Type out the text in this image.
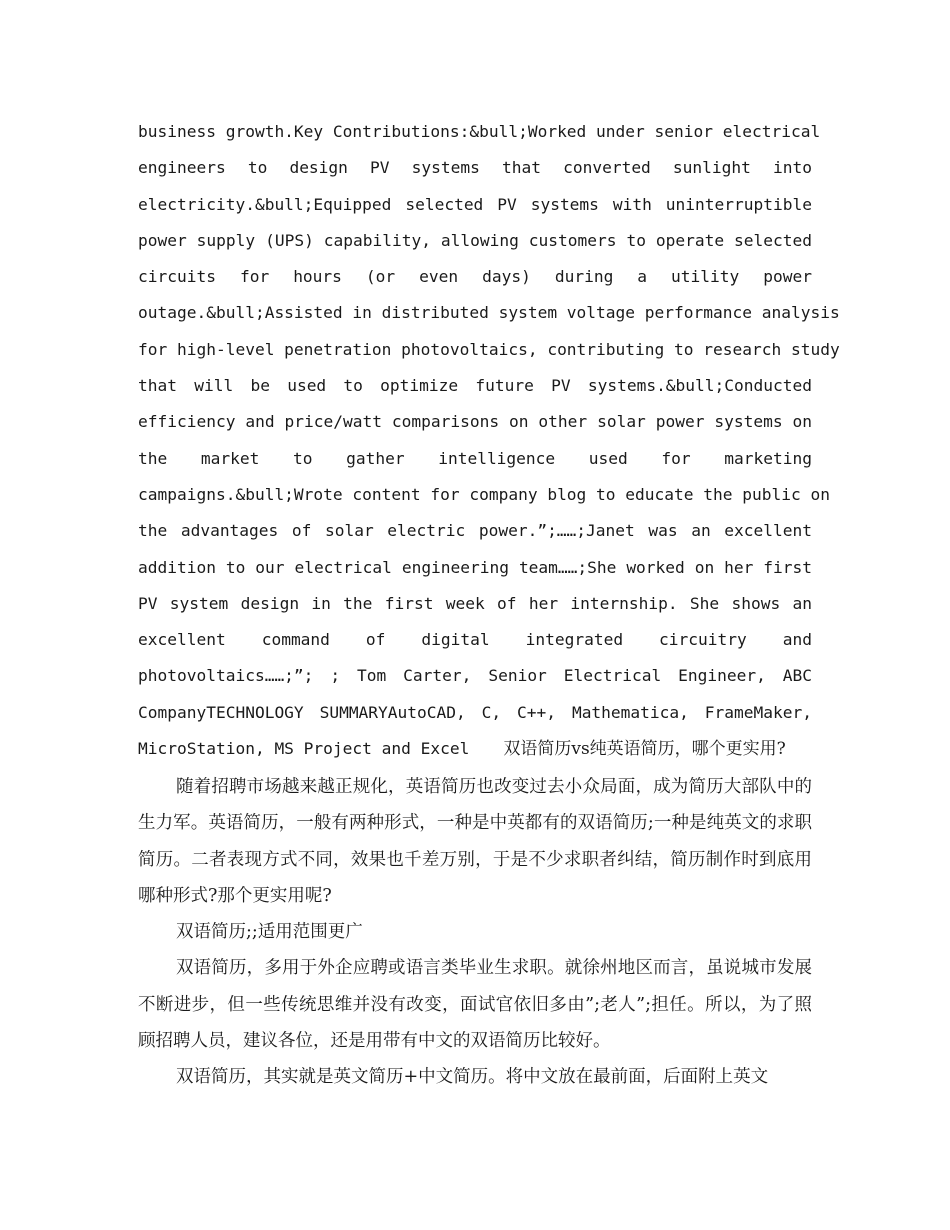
business growth.Key Contributions:&bull;Worked under senior electrical
engineers to design PV systems that converted sunlight into
electricity.&bull;Equipped selected PV systems with uninterruptible
power supply (UPS) capability, allowing customers to operate selected
circuits for hours (or even days) during a utility power
outage.&bull;Assisted in distributed system voltage performance analysis
for high-level penetration photovoltaics, contributing to research study
that will be used to optimize future PV systems.&bull;Conducted
efficiency and price/watt comparisons on other solar power systems on
the market to gather intelligence used for marketing
campaigns.&bull;Wrote content for company blog to educate the public on
the advantages of solar electric power.”;……;Janet was an excellent
addition to our electrical engineering team……;She worked on her first
PV system design in the first week of her internship. She shows an
excellent command of digital integrated circuitry and
photovoltaics……;”; ; Tom Carter, Senior Electrical Engineer, ABC
CompanyTECHNOLOGY SUMMARYAutoCAD, C, C++, Mathematica, FrameMaker,
MicroStation, MS Project and Excel 双语简历vs纯英语简历，哪个更实用?

随着招聘市场越来越正规化，英语简历也改变过去小众局面，成为简历大部队中的生力军。英语简历，一般有两种形式，一种是中英都有的双语简历;一种是纯英文的求职简历。二者表现方式不同，效果也千差万别，于是不少求职者纠结，简历制作时到底用哪种形式?那个更实用呢?

双语简历;;适用范围更广

双语简历，多用于外企应聘或语言类毕业生求职。就徐州地区而言，虽说城市发展不断进步，但一些传统思维并没有改变，面试官依旧多由”;老人”;担任。所以，为了照顾招聘人员，建议各位，还是用带有中文的双语简历比较好。

双语简历，其实就是英文简历+中文简历。将中文放在最前面，后面附上英文
